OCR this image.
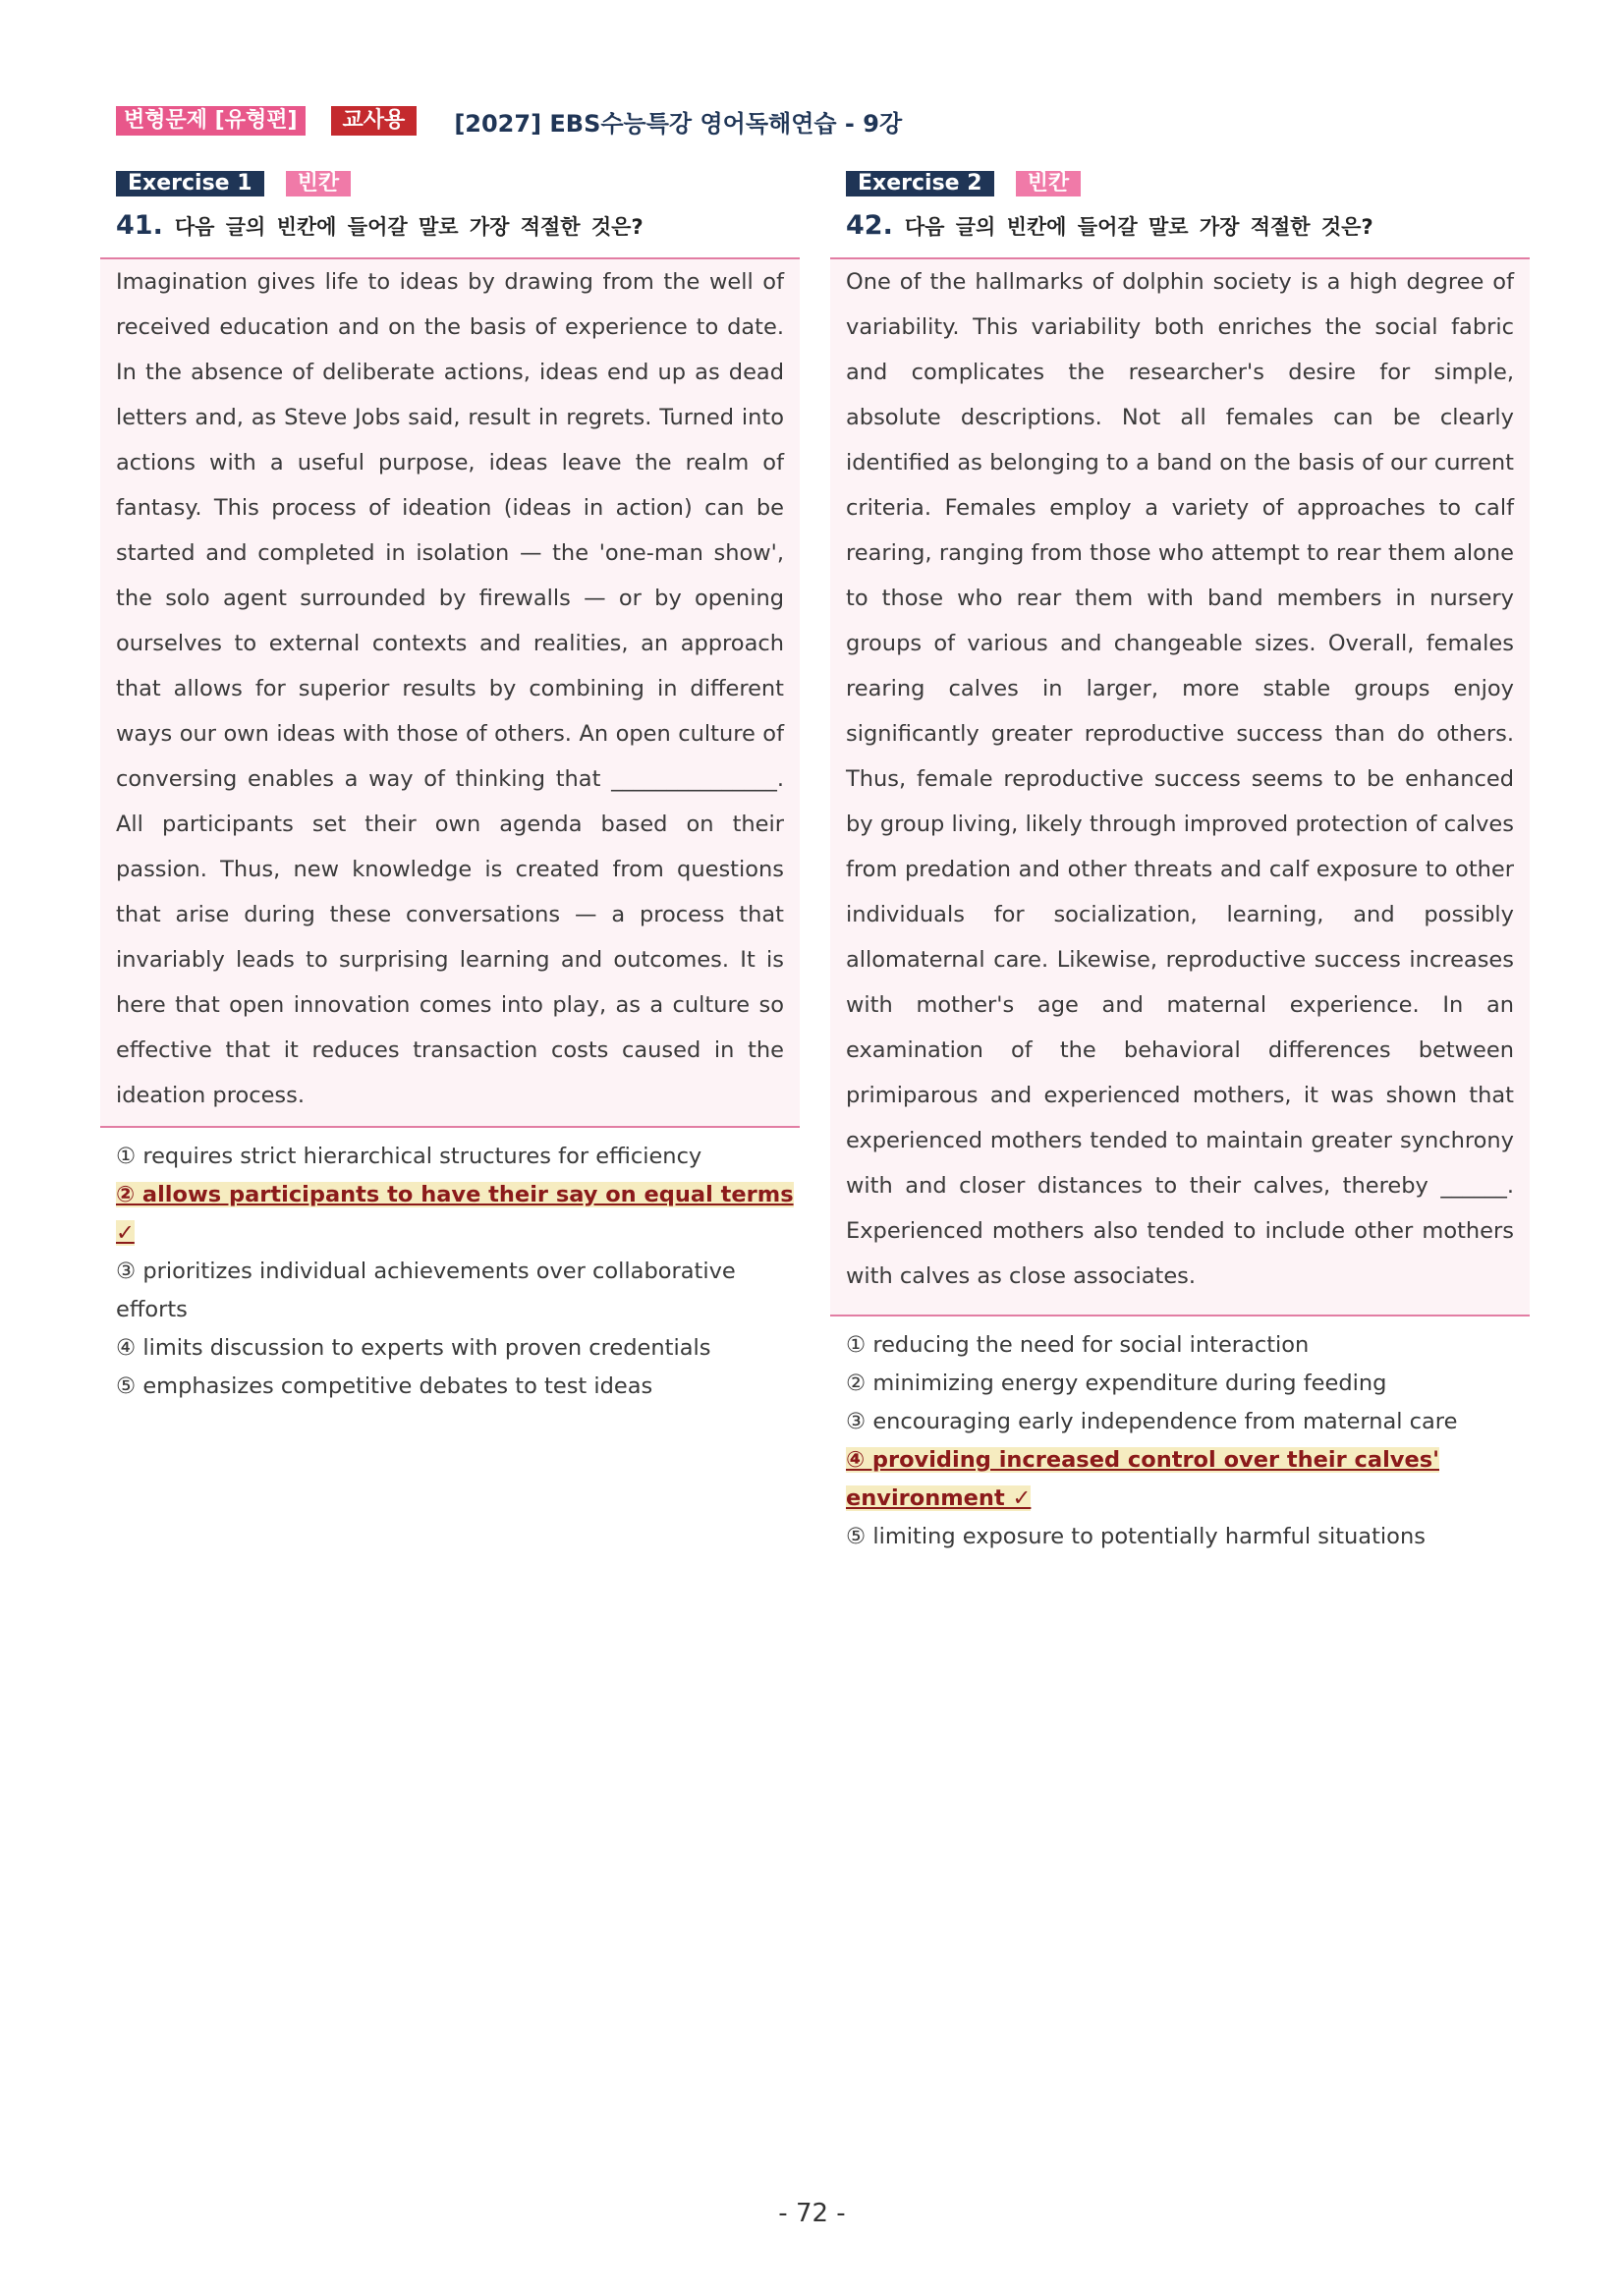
변형문제 [유형편]	교사용	[2027] EBS수능특강 영어독해연습 - 9강
Exercise 1	빈칸
41. 다음 글의 빈칸에 들어갈 말로 가장 적절한 것은?

Imagination gives life to ideas by drawing from the well of received education and on the basis of experience to date. In the absence of deliberate actions, ideas end up as dead letters and, as Steve Jobs said, result in regrets. Turned into actions with a useful purpose, ideas leave the realm of fantasy. This process of ideation (ideas in action) can be started and completed in isolation — the 'one-man show', the solo agent surrounded by firewalls — or by opening ourselves to external contexts and realities, an approach that allows for superior results by combining in different ways our own ideas with those of others. An open culture of conversing enables a way of thinking that _______________. All participants set their own agenda based on their passion. Thus, new knowledge is created from questions that arise during these conversations — a process that invariably leads to surprising learning and outcomes. It is here that open innovation comes into play, as a culture so effective that it reduces transaction costs caused in the ideation process.

① requires strict hierarchical structures for efficiency
② allows participants to have their say on equal terms ✓
③ prioritizes individual achievements over collaborative efforts
④ limits discussion to experts with proven credentials
⑤ emphasizes competitive debates to test ideas
Exercise 2	빈칸
42. 다음 글의 빈칸에 들어갈 말로 가장 적절한 것은?

One of the hallmarks of dolphin society is a high degree of variability. This variability both enriches the social fabric and complicates the researcher's desire for simple, absolute descriptions. Not all females can be clearly identified as belonging to a band on the basis of our current criteria. Females employ a variety of approaches to calf rearing, ranging from those who attempt to rear them alone to those who rear them with band members in nursery groups of various and changeable sizes. Overall, females rearing calves in larger, more stable groups enjoy significantly greater reproductive success than do others. Thus, female reproductive success seems to be enhanced by group living, likely through improved protection of calves from predation and other threats and calf exposure to other individuals for socialization, learning, and possibly allomaternal care. Likewise, reproductive success increases with mother's age and maternal experience. In an examination of the behavioral differences between primiparous and experienced mothers, it was shown that experienced mothers tended to maintain greater synchrony with and closer distances to their calves, thereby ______. Experienced mothers also tended to include other mothers with calves as close associates.

① reducing the need for social interaction
② minimizing energy expenditure during feeding
③ encouraging early independence from maternal care
④ providing increased control over their calves' environment ✓
⑤ limiting exposure to potentially harmful situations
- 72 -
